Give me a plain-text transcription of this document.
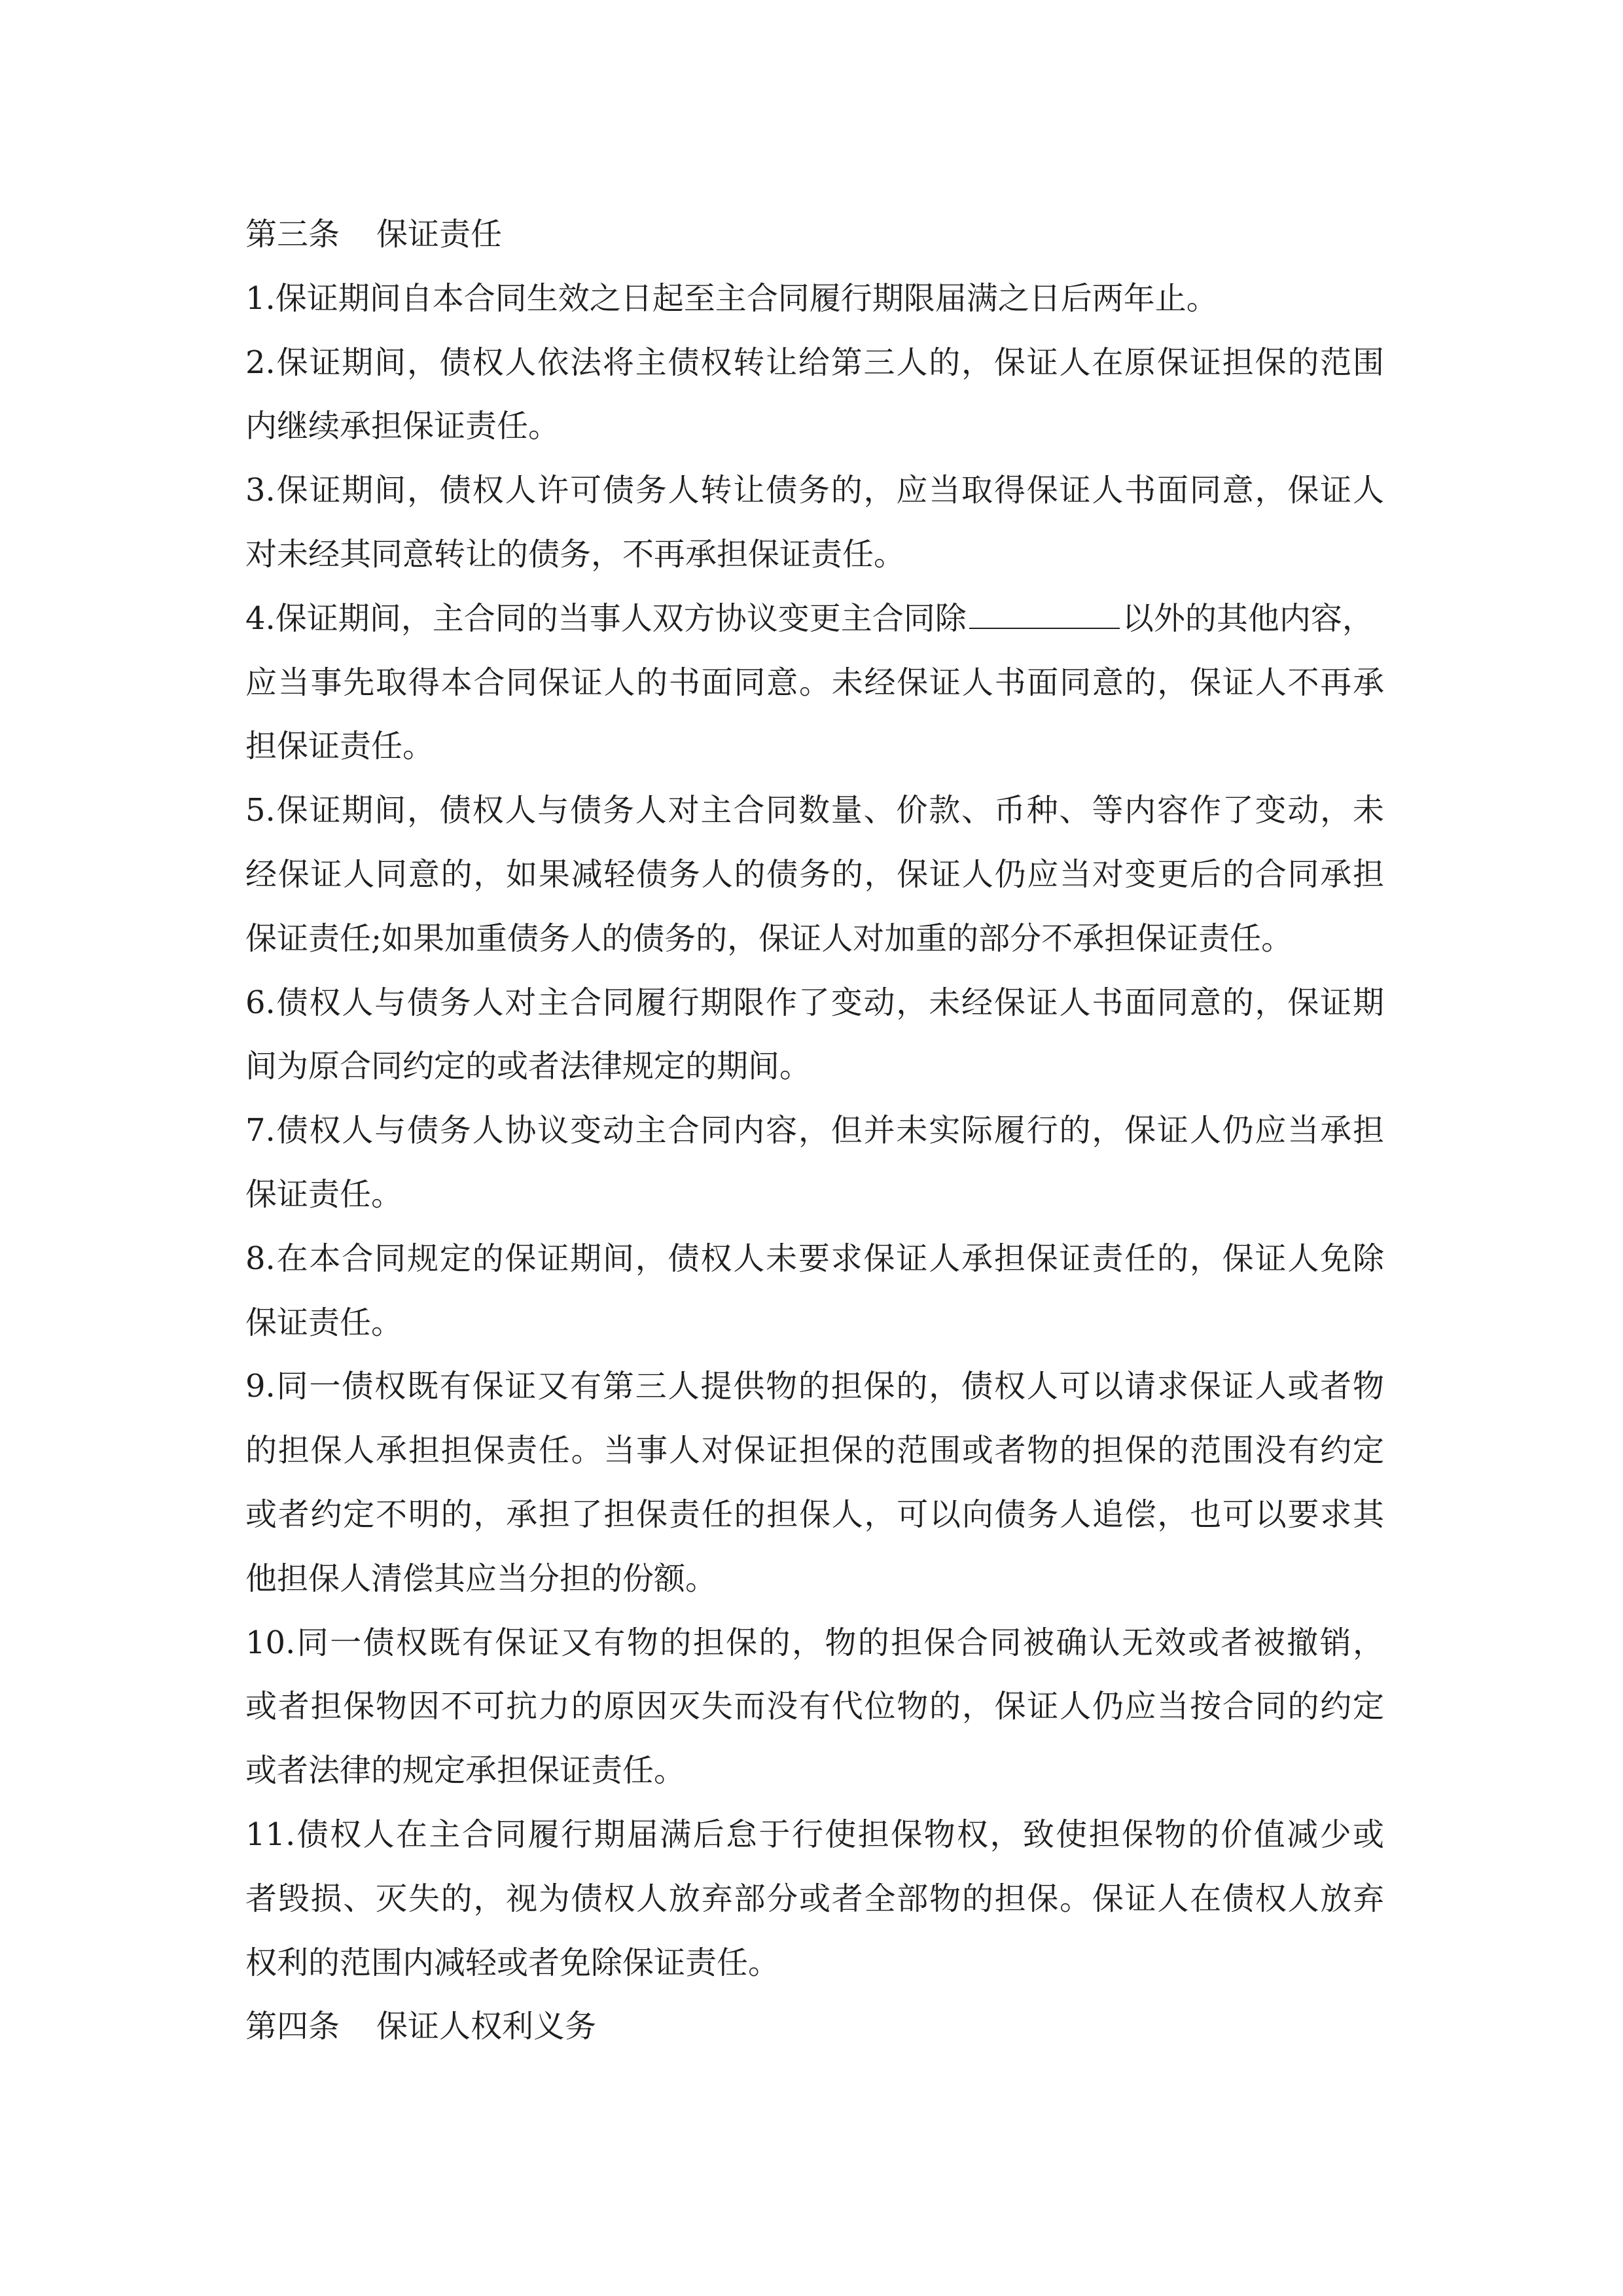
第三条 保证责任

1.保证期间自本合同生效之日起至主合同履行期限届满之日后两年止。

2.保证期间，债权人依法将主债权转让给第三人的，保证人在原保证担保的范围

内继续承担保证责任。

3.保证期间，债权人许可债务人转让债务的，应当取得保证人书面同意，保证人

对未经其同意转让的债务，不再承担保证责任。

4.保证期间，主合同的当事人双方协议变更主合同除	以外的其他内容，

应当事先取得本合同保证人的书面同意。未经保证人书面同意的，保证人不再承

担保证责任。

5.保证期间，债权人与债务人对主合同数量、价款、币种、等内容作了变动，未

经保证人同意的，如果减轻债务人的债务的，保证人仍应当对变更后的合同承担

保证责任;如果加重债务人的债务的，保证人对加重的部分不承担保证责任。

6.债权人与债务人对主合同履行期限作了变动，未经保证人书面同意的，保证期

间为原合同约定的或者法律规定的期间。

7.债权人与债务人协议变动主合同内容，但并未实际履行的，保证人仍应当承担

保证责任。

8.在本合同规定的保证期间，债权人未要求保证人承担保证责任的，保证人免除

保证责任。

9.同一债权既有保证又有第三人提供物的担保的，债权人可以请求保证人或者物

的担保人承担担保责任。当事人对保证担保的范围或者物的担保的范围没有约定

或者约定不明的，承担了担保责任的担保人，可以向债务人追偿，也可以要求其

他担保人清偿其应当分担的份额。

10.同一债权既有保证又有物的担保的，物的担保合同被确认无效或者被撤销，

或者担保物因不可抗力的原因灭失而没有代位物的，保证人仍应当按合同的约定

或者法律的规定承担保证责任。

11.债权人在主合同履行期届满后怠于行使担保物权，致使担保物的价值减少或

者毁损、灭失的，视为债权人放弃部分或者全部物的担保。保证人在债权人放弃

权利的范围内减轻或者免除保证责任。

第四条 保证人权利义务
